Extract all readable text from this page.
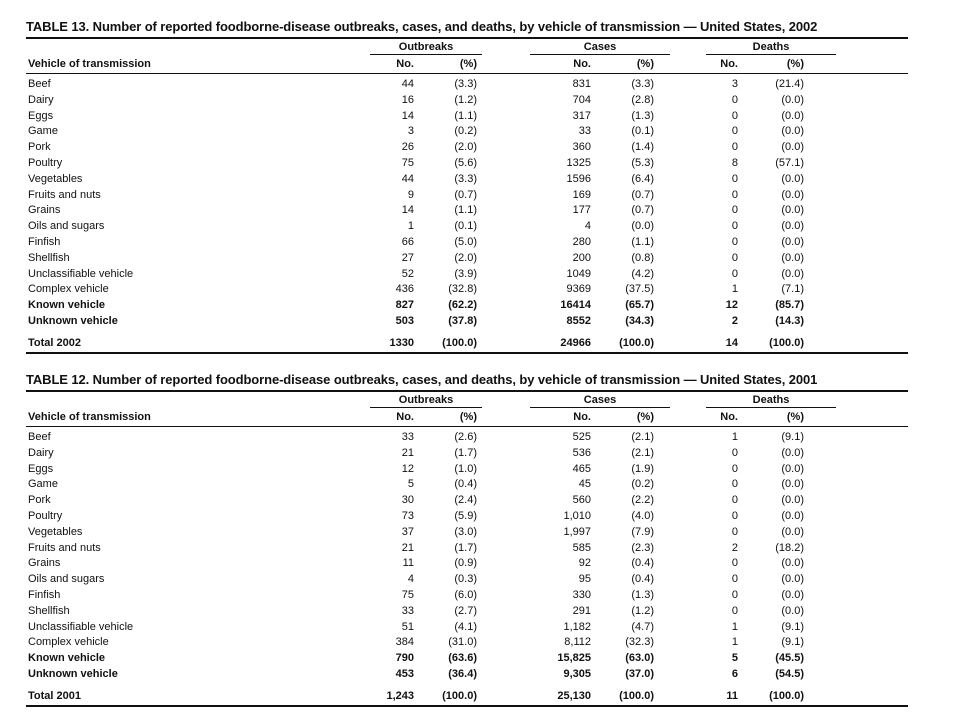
TABLE 13. Number of reported foodborne-disease outbreaks, cases, and deaths, by vehicle of transmission — United States, 2002
Outbreaks	Cases	Deaths
Vehicle of transmission	No.	(%)	No.	(%)	No.	(%)
Beef	44	(3.3)	831	(3.3)	3	(21.4)
Dairy	16	(1.2)	704	(2.8)	0	(0.0)
Eggs	14	(1.1)	317	(1.3)	0	(0.0)
Game	3	(0.2)	33	(0.1)	0	(0.0)
Pork	26	(2.0)	360	(1.4)	0	(0.0)
Poultry	75	(5.6)	1325	(5.3)	8	(57.1)
Vegetables	44	(3.3)	1596	(6.4)	0	(0.0)
Fruits and nuts	9	(0.7)	169	(0.7)	0	(0.0)
Grains	14	(1.1)	177	(0.7)	0	(0.0)
Oils and sugars	1	(0.1)	4	(0.0)	0	(0.0)
Finfish	66	(5.0)	280	(1.1)	0	(0.0)
Shellfish	27	(2.0)	200	(0.8)	0	(0.0)
Unclassifiable vehicle	52	(3.9)	1049	(4.2)	0	(0.0)
Complex vehicle	436	(32.8)	9369	(37.5)	1	(7.1)
Known vehicle	827	(62.2)	16414	(65.7)	12	(85.7)
Unknown vehicle	503	(37.8)	8552	(34.3)	2	(14.3)
Total 2002	1330	(100.0)	24966	(100.0)	14	(100.0)
TABLE 12. Number of reported foodborne-disease outbreaks, cases, and deaths, by vehicle of transmission — United States, 2001
Outbreaks	Cases	Deaths
Vehicle of transmission	No.	(%)	No.	(%)	No.	(%)
Beef	33	(2.6)	525	(2.1)	1	(9.1)
Dairy	21	(1.7)	536	(2.1)	0	(0.0)
Eggs	12	(1.0)	465	(1.9)	0	(0.0)
Game	5	(0.4)	45	(0.2)	0	(0.0)
Pork	30	(2.4)	560	(2.2)	0	(0.0)
Poultry	73	(5.9)	1,010	(4.0)	0	(0.0)
Vegetables	37	(3.0)	1,997	(7.9)	0	(0.0)
Fruits and nuts	21	(1.7)	585	(2.3)	2	(18.2)
Grains	11	(0.9)	92	(0.4)	0	(0.0)
Oils and sugars	4	(0.3)	95	(0.4)	0	(0.0)
Finfish	75	(6.0)	330	(1.3)	0	(0.0)
Shellfish	33	(2.7)	291	(1.2)	0	(0.0)
Unclassifiable vehicle	51	(4.1)	1,182	(4.7)	1	(9.1)
Complex vehicle	384	(31.0)	8,112	(32.3)	1	(9.1)
Known vehicle	790	(63.6)	15,825	(63.0)	5	(45.5)
Unknown vehicle	453	(36.4)	9,305	(37.0)	6	(54.5)
Total 2001	1,243	(100.0)	25,130	(100.0)	11	(100.0)
